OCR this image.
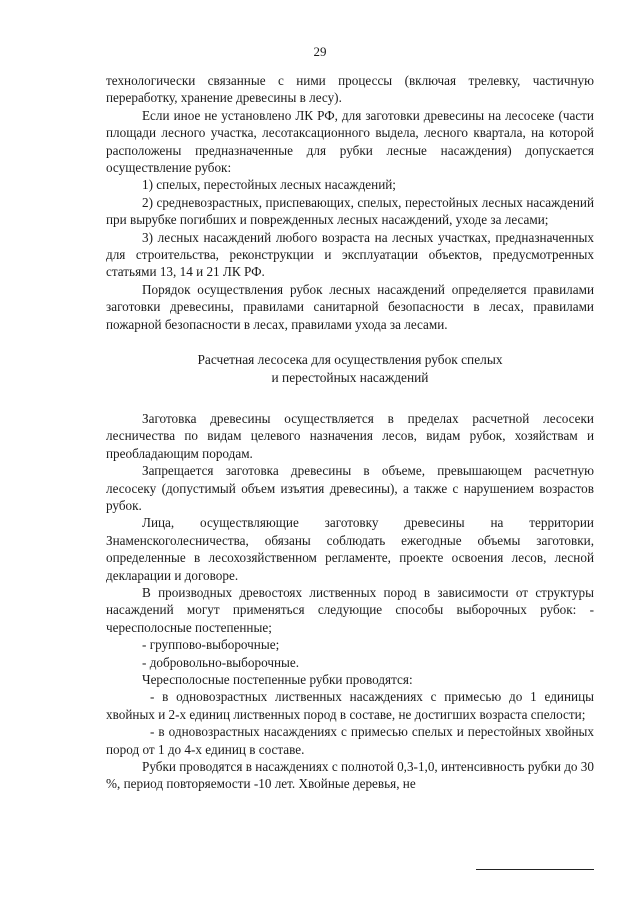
29

технологически связанные с ними процессы (включая трелевку, частичную переработку, хранение древесины в лесу).

Если иное не установлено ЛК РФ, для заготовки древесины на лесосеке (части площади лесного участка, лесотаксационного выдела, лесного квартала, на которой расположены предназначенные для рубки лесные насаждения) допускается осуществление рубок:

1) спелых, перестойных лесных насаждений;

2) средневозрастных, приспевающих, спелых, перестойных лесных насаждений при вырубке погибших и поврежденных лесных насаждений, уходе за лесами;

3) лесных насаждений любого возраста на лесных участках, предназначенных для строительства, реконструкции и эксплуатации объектов, предусмотренных статьями 13, 14 и 21 ЛК РФ.

Порядок осуществления рубок лесных насаждений определяется правилами заготовки древесины, правилами санитарной безопасности в лесах, правилами пожарной безопасности в лесах, правилами ухода за лесами.

Расчетная лесосека для осуществления рубок спелых
и перестойных насаждений

Заготовка древесины осуществляется в пределах расчетной лесосеки лесничества по видам целевого назначения лесов, видам рубок, хозяйствам и преобладающим породам.

Запрещается заготовка древесины в объеме, превышающем расчетную лесосеку (допустимый объем изъятия древесины), а также с нарушением возрастов рубок.

Лица, осуществляющие заготовку древесины на территории Знаменскоголесничества, обязаны соблюдать ежегодные объемы заготовки, определенные в лесохозяйственном регламенте, проекте освоения лесов, лесной декларации и договоре.

В производных древостоях лиственных пород в зависимости от структуры насаждений могут применяться следующие способы выборочных рубок: - чересполосные постепенные;

- группово-выборочные;

- добровольно-выборочные.

Чересполосные постепенные рубки проводятся:

- в одновозрастных лиственных насаждениях с примесью до 1 единицы хвойных и 2-х единиц лиственных пород в составе, не достигших возраста спелости;

- в одновозрастных насаждениях с примесью спелых и перестойных хвойных пород от 1 до 4-х единиц в составе.

Рубки проводятся в насаждениях с полнотой 0,3-1,0, интенсивность рубки до 30 %, период повторяемости -10 лет. Хвойные деревья, не
